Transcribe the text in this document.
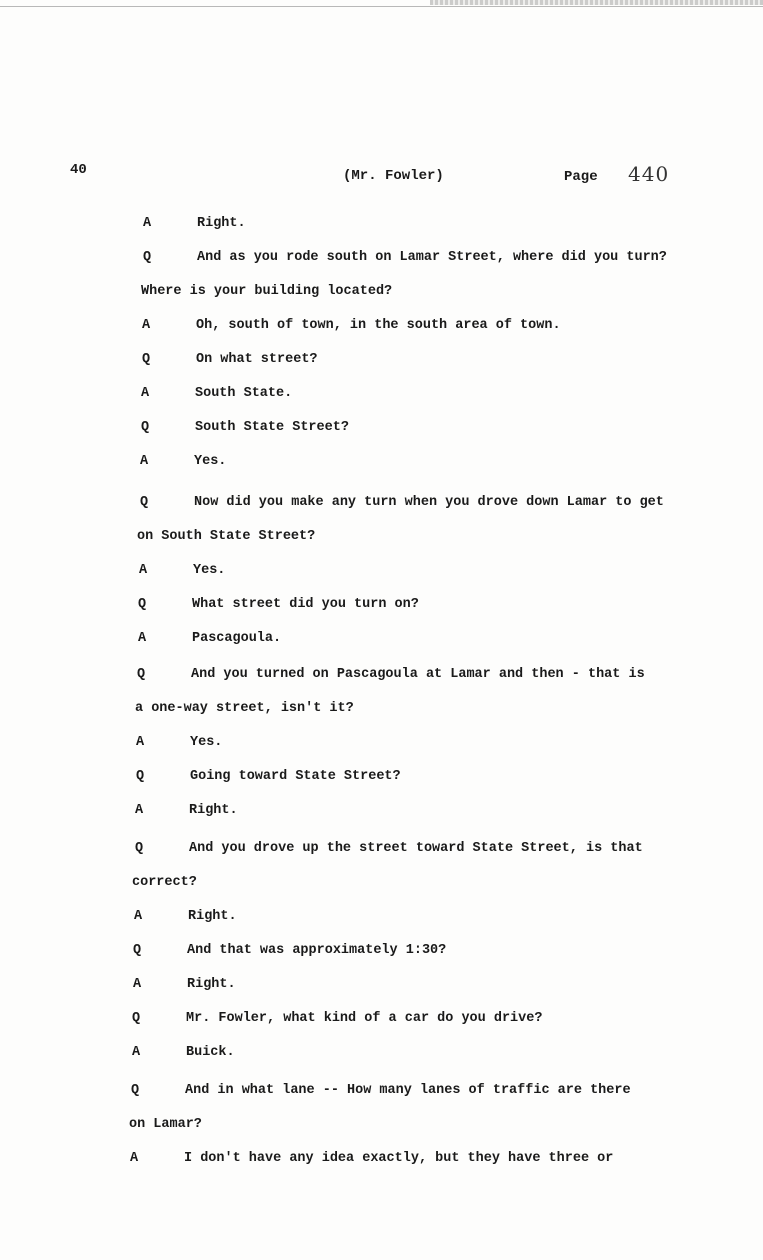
40	(Mr. Fowler)	Page 440
A	Right.
Q	And as you rode south on Lamar Street, where did you turn?
Where is your building located?
A	Oh, south of town, in the south area of town.
Q	On what street?
A	South State.
Q	South State Street?
A	Yes.
Q	Now did you make any turn when you drove down Lamar to get
on South State Street?
A	Yes.
Q	What street did you turn on?
A	Pascagoula.
Q	And you turned on Pascagoula at Lamar and then - that is
a one-way street, isn't it?
A	Yes.
Q	Going toward State Street?
A	Right.
Q	And you drove up the street toward State Street, is that
correct?
A	Right.
Q	And that was approximately 1:30?
A	Right.
Q	Mr. Fowler, what kind of a car do you drive?
A	Buick.
Q	And in what lane -- How many lanes of traffic are there
on Lamar?
A	I don't have any idea exactly, but they have three or
